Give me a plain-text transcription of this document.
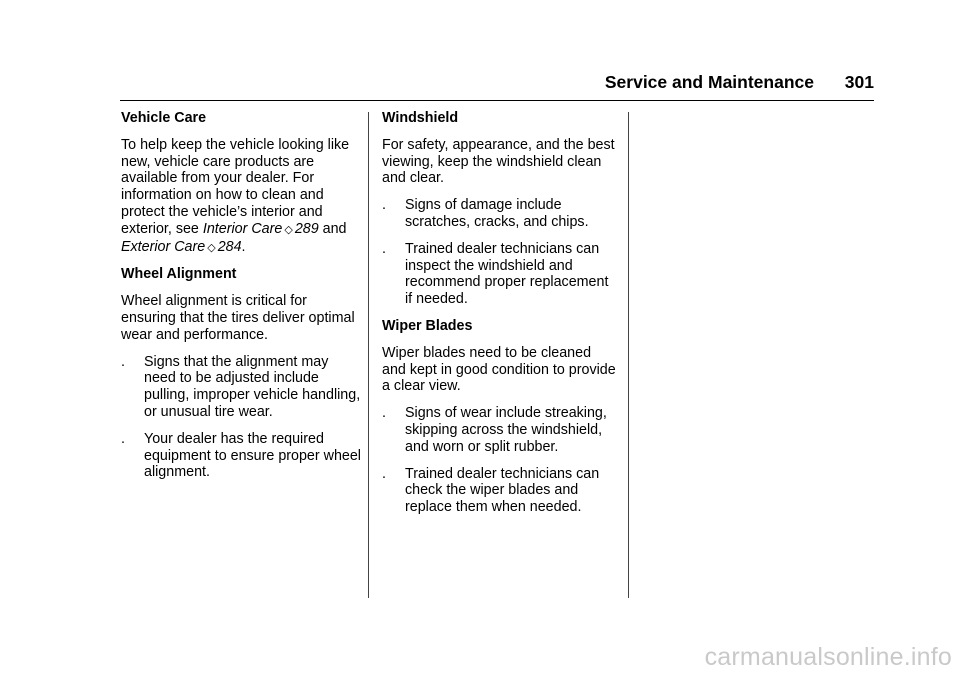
Service and Maintenance 301
Vehicle Care

To help keep the vehicle looking like new, vehicle care products are available from your dealer. For information on how to clean and protect the vehicle’s interior and exterior, see Interior Care ◇ 289 and Exterior Care ◇ 284.

Wheel Alignment

Wheel alignment is critical for ensuring that the tires deliver optimal wear and performance.

. Signs that the alignment may need to be adjusted include pulling, improper vehicle handling, or unusual tire wear.
. Your dealer has the required equipment to ensure proper wheel alignment.
Windshield

For safety, appearance, and the best viewing, keep the windshield clean and clear.

. Signs of damage include scratches, cracks, and chips.
. Trained dealer technicians can inspect the windshield and recommend proper replacement if needed.
Wiper Blades

Wiper blades need to be cleaned and kept in good condition to provide a clear view.

. Signs of wear include streaking, skipping across the windshield, and worn or split rubber.
. Trained dealer technicians can check the wiper blades and replace them when needed.
carmanualsonline.info
